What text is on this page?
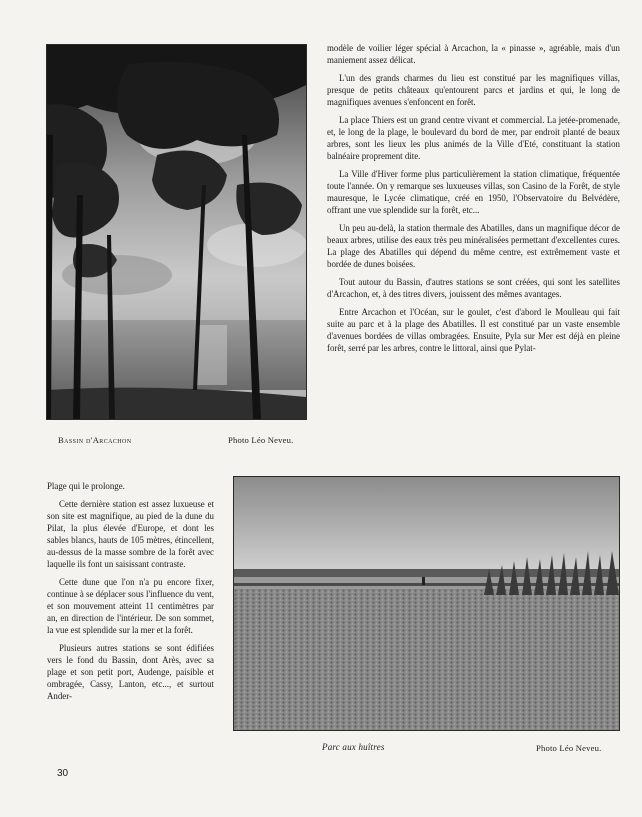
Bassin d'Arcachon	Photo Léo Neveu.

modèle de voilier léger spécial à Arcachon, la « pinasse », agréable, mais d'un maniement assez délicat.

L'un des grands charmes du lieu est constitué par les magnifiques villas, presque de petits châteaux qu'entourent parcs et jardins et qui, le long de magnifiques avenues s'enfoncent en forêt.

La place Thiers est un grand centre vivant et commercial. La jetée-promenade, et, le long de la plage, le boulevard du bord de mer, par endroit planté de beaux arbres, sont les lieux les plus animés de la Ville d'Eté, constituant la station balnéaire proprement dite.

La Ville d'Hiver forme plus particulièrement la station climatique, fréquentée toute l'année. On y remarque ses luxueuses villas, son Casino de la Forêt, de style mauresque, le Lycée climatique, créé en 1950, l'Observatoire du Belvédère, offrant une vue splendide sur la forêt, etc...

Un peu au-delà, la station thermale des Abatilles, dans un magnifique décor de beaux arbres, utilise des eaux très peu minéralisées permettant d'excellentes cures. La plage des Abatilles qui dépend du même centre, est extrêmement vaste et bordée de dunes boisées.

Tout autour du Bassin, d'autres stations se sont créées, qui sont les satellites d'Arcachon, et, à des titres divers, jouissent des mêmes avantages.

Entre Arcachon et l'Océan, sur le goulet, c'est d'abord le Moulleau qui fait suite au parc et à la plage des Abatilles. Il est constitué par un vaste ensemble d'avenues bordées de villas ombragées. Ensuite, Pyla sur Mer est déjà en pleine forêt, serré par les arbres, contre le littoral, ainsi que Pylat-

Plage qui le prolonge.

Cette dernière station est assez luxueuse et son site est magnifique, au pied de la dune du Pilat, la plus élevée d'Europe, et dont les sables blancs, hauts de 105 mètres, étincellent, au-dessus de la masse sombre de la forêt avec laquelle ils font un saisissant contraste.

Cette dune que l'on n'a pu encore fixer, continue à se déplacer sous l'influence du vent, et son mouvement atteint 11 centimètres par an, en direction de l'intérieur. De son sommet, la vue est splendide sur la mer et la forêt.

Plusieurs autres stations se sont édifiées vers le fond du Bassin, dont Arès, avec sa plage et son petit port, Audenge, paisible et ombragée, Cassy, Lanton, etc..., et surtout Ander-

Parc aux huîtres	Photo Léo Neveu.
30
